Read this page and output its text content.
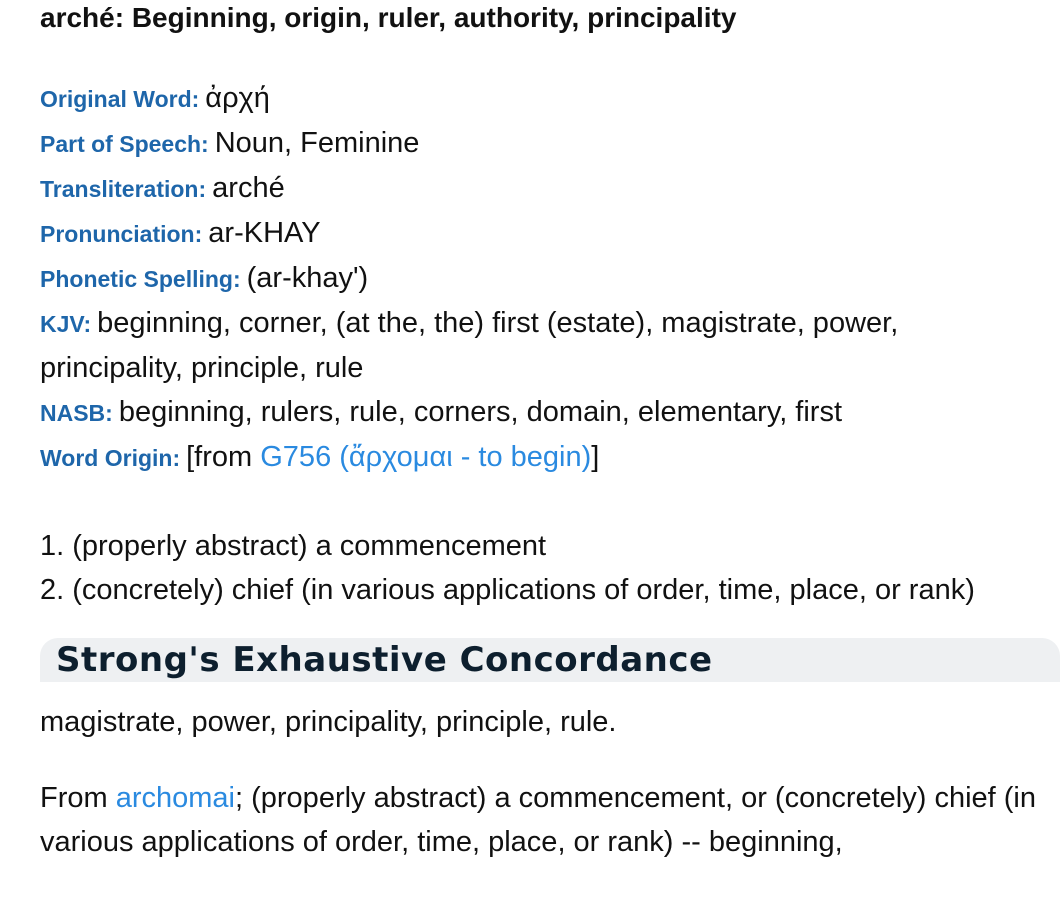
arché: Beginning, origin, ruler, authority, principality

Original Word: ἀρχή

Part of Speech: Noun, Feminine

Transliteration: arché

Pronunciation: ar-KHAY

Phonetic Spelling: (ar-khay')

KJV: beginning, corner, (at the, the) first (estate), magistrate, power, principality, principle, rule

NASB: beginning, rulers, rule, corners, domain, elementary, first

Word Origin: [from G756 (ἄρχομαι - to begin)]

1. (properly abstract) a commencement

2. (concretely) chief (in various applications of order, time, place, or rank)

Strong's Exhaustive Concordance

magistrate, power, principality, principle, rule.

From archomai; (properly abstract) a commencement, or (concretely) chief (in various applications of order, time, place, or rank) -- beginning,
